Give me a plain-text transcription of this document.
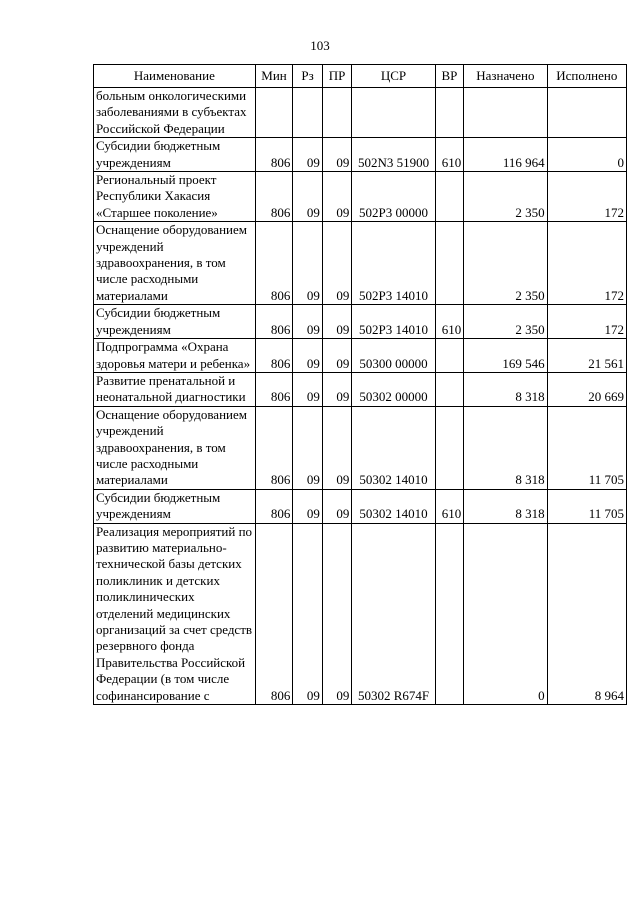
103
Наименование	Мин	Рз	ПР	ЦСР	ВР	Назначено	Исполнено
больным онкологическими заболеваниями в субъектах Российской Федерации							
Субсидии бюджетным учреждениям	806	09	09	502N3 51900	610	116 964	0
Региональный проект Республики Хакасия «Старшее поколение»	806	09	09	502P3 00000		2 350	172
Оснащение оборудованием учреждений здравоохранения, в том числе расходными материалами	806	09	09	502P3 14010		2 350	172
Субсидии бюджетным учреждениям	806	09	09	502P3 14010	610	2 350	172
Подпрограмма «Охрана здоровья матери и ребенка»	806	09	09	50300 00000		169 546	21 561
Развитие пренатальной и неонатальной диагностики	806	09	09	50302 00000		8 318	20 669
Оснащение оборудованием учреждений здравоохранения, в том числе расходными материалами	806	09	09	50302 14010		8 318	11 705
Субсидии бюджетным учреждениям	806	09	09	50302 14010	610	8 318	11 705
Реализация мероприятий по развитию материально-технической базы детских поликлиник и детских поликлинических отделений медицинских организаций за счет средств резервного фонда Правительства Российской Федерации (в том числе софинансирование с	806	09	09	50302 R674F		0	8 964
